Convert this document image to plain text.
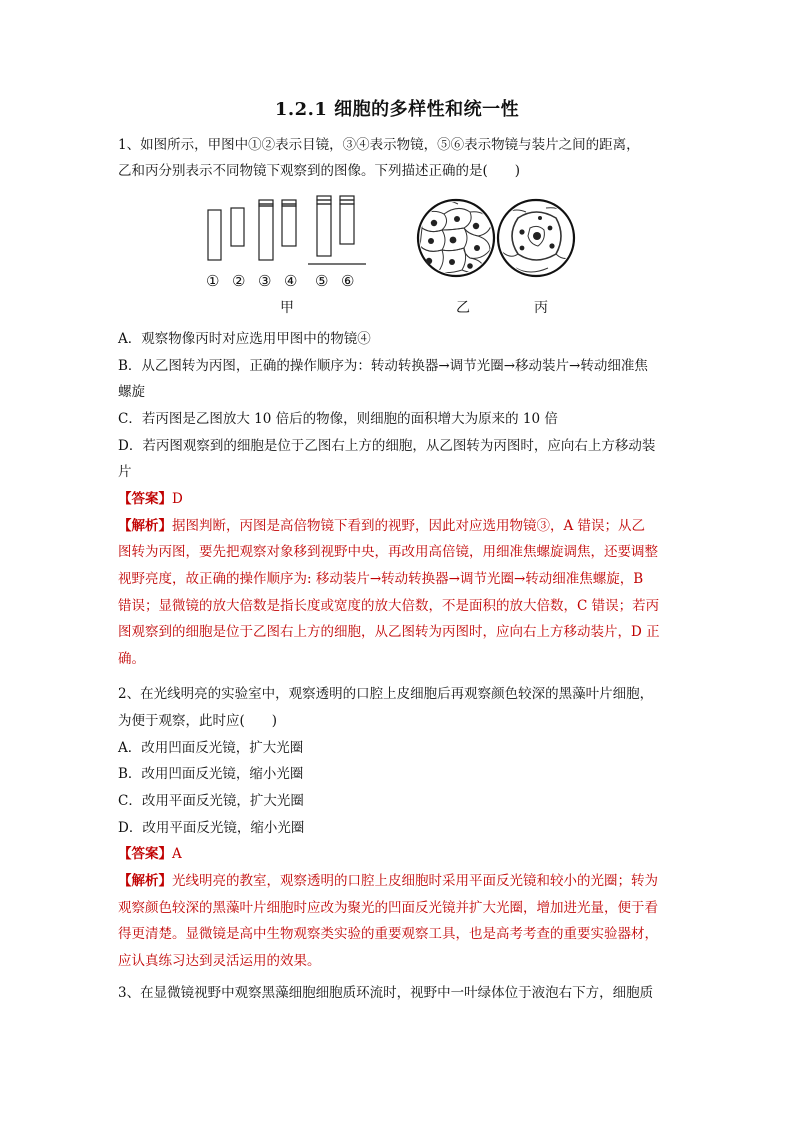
1.2.1 细胞的多样性和统一性
1、如图所示，甲图中①②表示目镜，③④表示物镜，⑤⑥表示物镜与装片之间的距离，
乙和丙分别表示不同物镜下观察到的图像。下列描述正确的是(　　)
① ② ③ ④ ⑤ ⑥
甲	乙	丙
A．观察物像丙时对应选用甲图中的物镜④
B．从乙图转为丙图，正确的操作顺序为：转动转换器→调节光圈→移动装片→转动细准焦
螺旋
C．若丙图是乙图放大 10 倍后的物像，则细胞的面积增大为原来的 10 倍
D．若丙图观察到的细胞是位于乙图右上方的细胞，从乙图转为丙图时，应向右上方移动装
片
【答案】D
【解析】据图判断，丙图是高倍物镜下看到的视野，因此对应选用物镜③，A 错误；从乙
图转为丙图，要先把观察对象移到视野中央，再改用高倍镜，用细准焦螺旋调焦，还要调整
视野亮度，故正确的操作顺序为: 移动装片→转动转换器→调节光圈→转动细准焦螺旋，B
错误；显微镜的放大倍数是指长度或宽度的放大倍数，不是面积的放大倍数，C 错误；若丙
图观察到的细胞是位于乙图右上方的细胞，从乙图转为丙图时，应向右上方移动装片，D 正
确。
2、在光线明亮的实验室中，观察透明的口腔上皮细胞后再观察颜色较深的黑藻叶片细胞，
为便于观察，此时应(　　)
A．改用凹面反光镜，扩大光圈
B．改用凹面反光镜，缩小光圈
C．改用平面反光镜，扩大光圈
D．改用平面反光镜，缩小光圈
【答案】A
【解析】光线明亮的教室，观察透明的口腔上皮细胞时采用平面反光镜和较小的光圈；转为
观察颜色较深的黑藻叶片细胞时应改为聚光的凹面反光镜并扩大光圈，增加进光量，便于看
得更清楚。显微镜是高中生物观察类实验的重要观察工具，也是高考考查的重要实验器材，
应认真练习达到灵活运用的效果。
3、在显微镜视野中观察黑藻细胞细胞质环流时，视野中一叶绿体位于液泡右下方，细胞质
